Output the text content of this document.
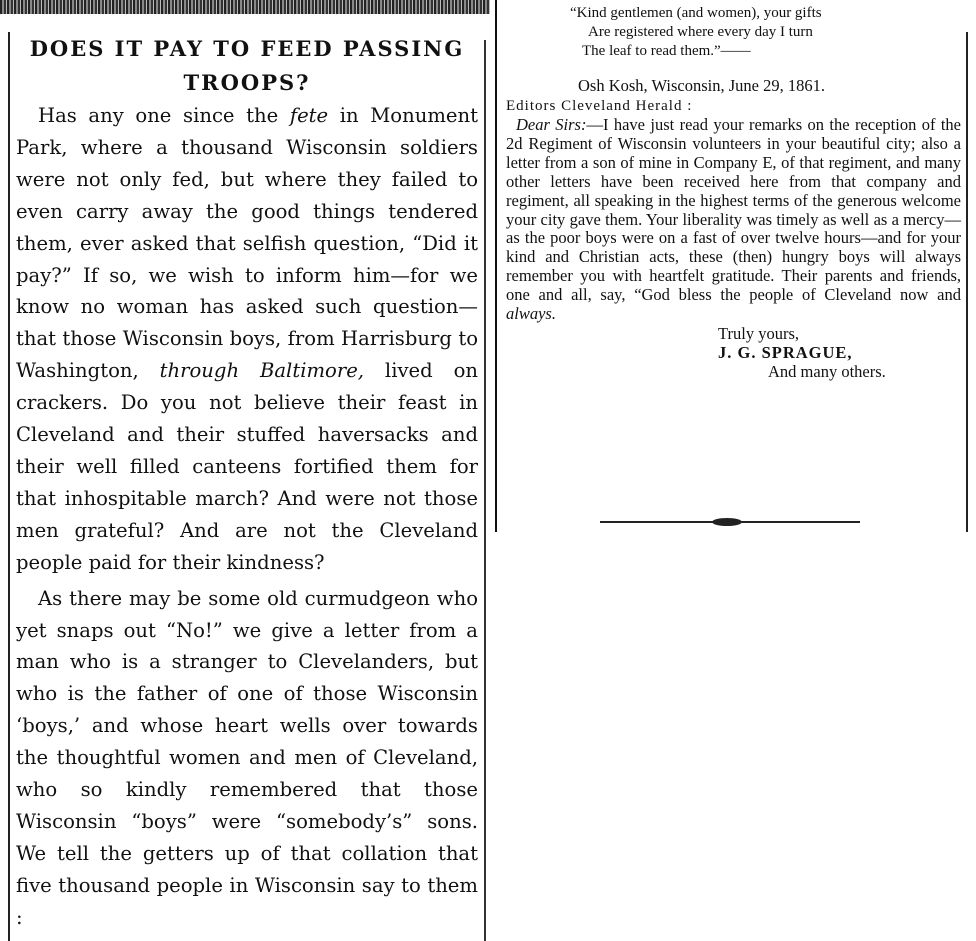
DOES IT PAY TO FEED PASSING
TROOPS?

Has any one since the fete in Monument Park, where a thousand Wisconsin soldiers were not only fed, but where they failed to even carry away the good things tendered them, ever asked that selfish question, “Did it pay?” If so, we wish to inform him—for we know no woman has asked such question—that those Wisconsin boys, from Harrisburg to Washington, through Baltimore, lived on crackers. Do you not believe their feast in Cleveland and their stuffed haversacks and their well filled canteens fortified them for that inhospitable march? And were not those men grateful? And are not the Cleveland people paid for their kindness?

As there may be some old curmudgeon who yet snaps out “No!” we give a letter from a man who is a stranger to Clevelanders, but who is the father of one of those Wisconsin ‘boys,’ and whose heart wells over towards the thoughtful women and men of Cleveland, who so kindly remembered that those Wisconsin “boys” were “somebody’s” sons. We tell the getters up of that collation that five thousand people in Wisconsin say to them :

“Kind gentlemen (and women), your gifts
Are registered where every day I turn
The leaf to read them.”——
Osh Kosh, Wisconsin, June 29, 1861.
Editors Cleveland Herald :

Dear Sirs:—I have just read your remarks on the reception of the 2d Regiment of Wisconsin volunteers in your beautiful city; also a letter from a son of mine in Company E, of that regiment, and many other letters have been received here from that company and regiment, all speaking in the highest terms of the generous welcome your city gave them. Your liberality was timely as well as a mercy—as the poor boys were on a fast of over twelve hours—and for your kind and Christian acts, these (then) hungry boys will always remember you with heartfelt gratitude. Their parents and friends, one and all, say, “God bless the people of Cleveland now and always.

Truly yours,
J. G. SPRAGUE,
And many others.
